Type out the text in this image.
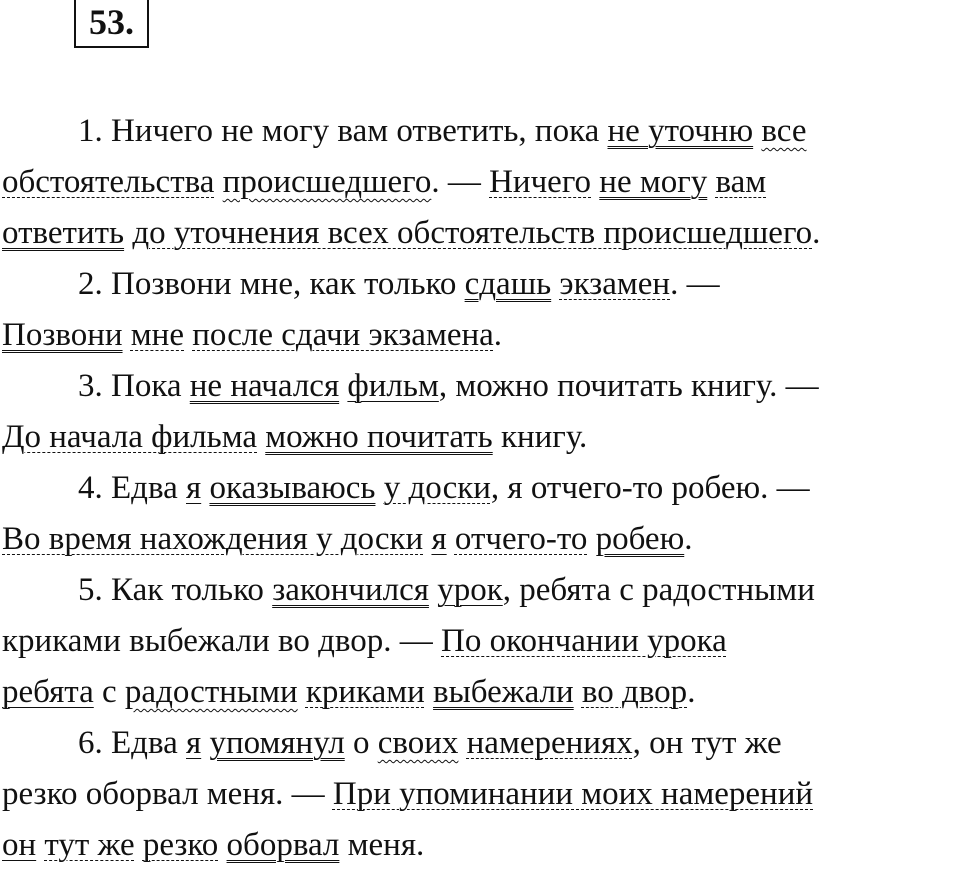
53.
1. Ничего не могу вам ответить, пока не уточню все
обстоятельства происшедшего. — Ничего не могу вам
ответить до уточнения всех обстоятельств происшедшего.
2. Позвони мне, как только сдашь экзамен. —
Позвони мне после сдачи экзамена.
3. Пока не начался фильм, можно почитать книгу. —
До начала фильма можно почитать книгу.
4. Едва я оказываюсь у доски, я отчего-то робею. —
Во время нахождения у доски я отчего-то робею.
5. Как только закончился урок, ребята с радостными
криками выбежали во двор. — По окончании урока
ребята с радостными криками выбежали во двор.
6. Едва я упомянул о своих намерениях, он тут же
резко оборвал меня. — При упоминании моих намерений
он тут же резко оборвал меня.
